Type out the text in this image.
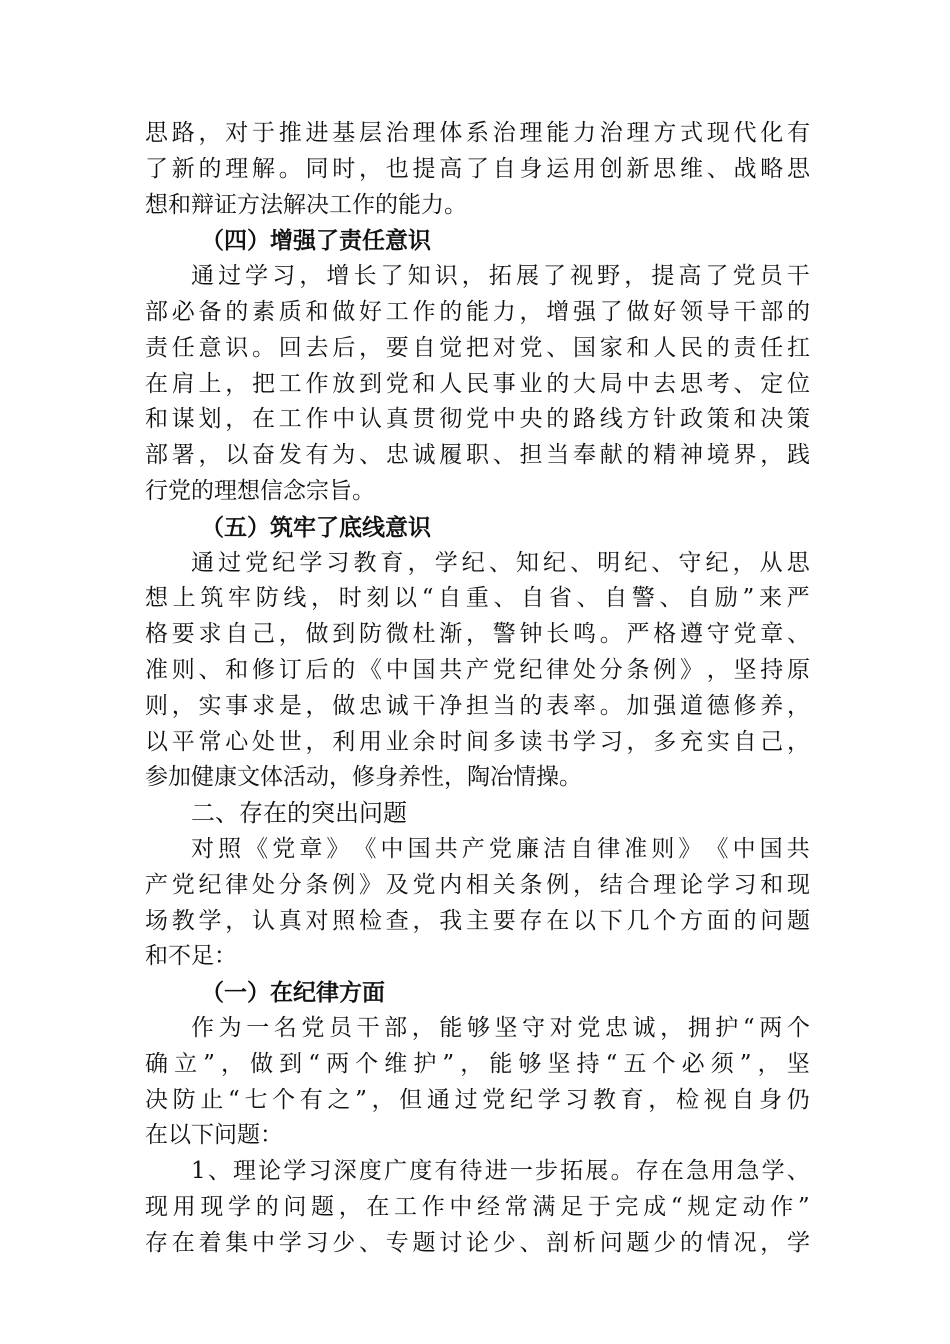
思 路 ， 对 于 推 进 基 层 治 理 体 系 治 理 能 力 治 理 方 式 现 代 化 有
了 新 的 理 解 。 同 时 ， 也 提 高 了 自 身 运 用 创 新 思 维 、 战 略 思
想和辩证方法解决工作的能力。
（四）增强了责任意识
通 过 学 习 ， 增 长 了 知 识 ， 拓 展 了 视 野 ， 提 高 了 党 员 干
部 必 备 的 素 质 和 做 好 工 作 的 能 力 ， 增 强 了 做 好 领 导 干 部 的
责 任 意 识 。 回 去 后 ， 要 自 觉 把 对 党 、 国 家 和 人 民 的 责 任 扛
在 肩 上 ， 把 工 作 放 到 党 和 人 民 事 业 的 大 局 中 去 思 考 、 定 位
和 谋 划 ， 在 工 作 中 认 真 贯 彻 党 中 央 的 路 线 方 针 政 策 和 决 策
部 署 ， 以 奋 发 有 为 、 忠 诚 履 职 、 担 当 奉 献 的 精 神 境 界 ， 践
行党的理想信念宗旨。
（五）筑牢了底线意识
通 过 党 纪 学 习 教 育 ， 学 纪 、 知 纪 、 明 纪 、 守 纪 ， 从 思
想 上 筑 牢 防 线 ， 时 刻 以 “ 自 重 、 自 省 、 自 警 、 自 励 ” 来 严
格 要 求 自 己 ， 做 到 防 微 杜 渐 ， 警 钟 长 鸣 。 严 格 遵 守 党 章 、
准 则 、 和 修 订 后 的 《 中 国 共 产 党 纪 律 处 分 条 例 》 ， 坚 持 原
则 ， 实 事 求 是 ， 做 忠 诚 干 净 担 当 的 表 率 。 加 强 道 德 修 养 ，
以 平 常 心 处 世 ， 利 用 业 余 时 间 多 读 书 学 习 ， 多 充 实 自 己 ，
参加健康文体活动，修身养性，陶冶情操。
二、存在的突出问题
对 照 《 党 章 》 《 中 国 共 产 党 廉 洁 自 律 准 则 》 《 中 国 共
产 党 纪 律 处 分 条 例 》 及 党 内 相 关 条 例 ， 结 合 理 论 学 习 和 现
场 教 学 ， 认 真 对 照 检 查 ， 我 主 要 存 在 以 下 几 个 方 面 的 问 题
和不足：
（一）在纪律方面
作 为 一 名 党 员 干 部 ， 能 够 坚 守 对 党 忠 诚 ， 拥 护 “ 两 个
确 立 ” ， 做 到 “ 两 个 维 护 ” ， 能 够 坚 持 “ 五 个 必 须 ” ， 坚
决 防 止 “ 七 个 有 之 ” ， 但 通 过 党 纪 学 习 教 育 ， 检 视 自 身 仍
在以下问题：
1 、 理 论 学 习 深 度 广 度 有 待 进 一 步 拓 展 。 存 在 急 用 急 学 、
现 用 现 学 的 问 题 ， 在 工 作 中 经 常 满 足 于 完 成 “ 规 定 动 作 ”
存 在 着 集 中 学 习 少 、 专 题 讨 论 少 、 剖 析 问 题 少 的 情 况 ， 学
